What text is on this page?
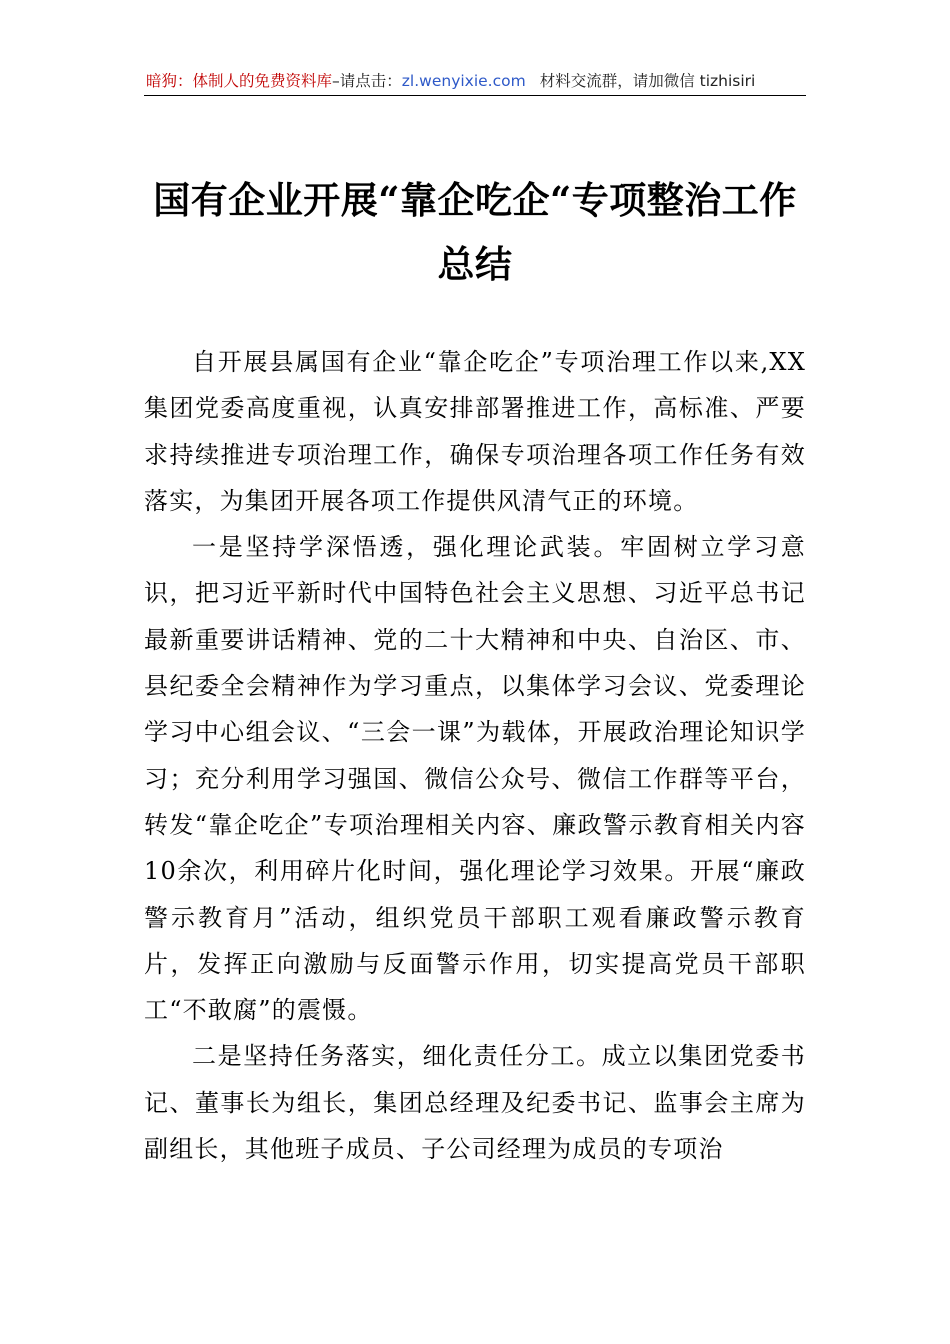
暗狗：体制人的免费资料库–请点击：zl.wenyixie.com 材料交流群，请加微信 tizhisiri
国有企业开展“靠企吃企“专项整治工作
总结

自开展县属国有企业“靠企吃企”专项治理工作以来,XX集团党委高度重视，认真安排部署推进工作，高标准、严要求持续推进专项治理工作，确保专项治理各项工作任务有效落实，为集团开展各项工作提供风清气正的环境。

一是坚持学深悟透，强化理论武装。牢固树立学习意识，把习近平新时代中国特色社会主义思想、习近平总书记最新重要讲话精神、党的二十大精神和中央、自治区、市、县纪委全会精神作为学习重点，以集体学习会议、党委理论学习中心组会议、“三会一课”为载体，开展政治理论知识学习；充分利用学习强国、微信公众号、微信工作群等平台，转发“靠企吃企”专项治理相关内容、廉政警示教育相关内容10余次，利用碎片化时间，强化理论学习效果。开展“廉政警示教育月”活动，组织党员干部职工观看廉政警示教育片，发挥正向激励与反面警示作用，切实提高党员干部职工“不敢腐”的震慑。

二是坚持任务落实，细化责任分工。成立以集团党委书记、董事长为组长，集团总经理及纪委书记、监事会主席为副组长，其他班子成员、子公司经理为成员的专项治
